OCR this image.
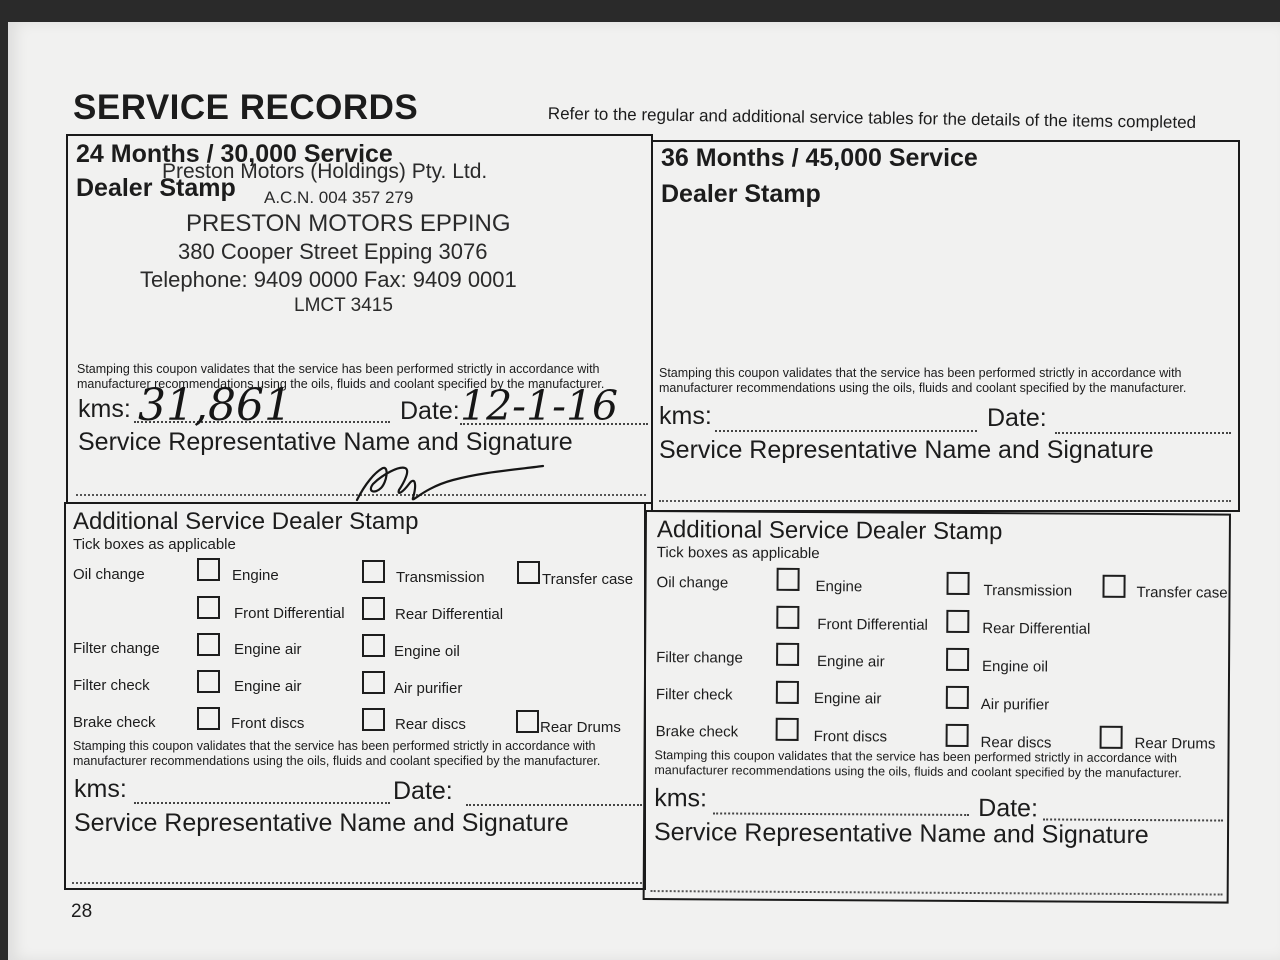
SERVICE RECORDS	Refer to the regular and additional service tables for the details of the items completed

24 Months / 30,000 Service
Dealer Stamp
Preston Motors (Holdings) Pty. Ltd.
A.C.N. 004 357 279
PRESTON MOTORS EPPING
380 Cooper Street Epping 3076
Telephone: 9409 0000 Fax: 9409 0001
LMCT 3415
Stamping this coupon validates that the service has been performed strictly in accordance with manufacturer recommendations using the oils, fluids and coolant specified by the manufacturer.
kms: 31,861	Date: 12-1-16
Service Representative Name and Signature
36 Months / 45,000 Service
Dealer Stamp
Stamping this coupon validates that the service has been performed strictly in accordance with manufacturer recommendations using the oils, fluids and coolant specified by the manufacturer.
kms:	Date:
Service Representative Name and Signature
Additional Service Dealer Stamp
Tick boxes as applicable
Oil change	Engine	Transmission	Transfer case
Front Differential	Rear Differential
Filter change	Engine air	Engine oil
Filter check	Engine air	Air purifier
Brake check	Front discs	Rear discs	Rear Drums
Stamping this coupon validates that the service has been performed strictly in accordance with manufacturer recommendations using the oils, fluids and coolant specified by the manufacturer.
kms:	Date:
Service Representative Name and Signature
Additional Service Dealer Stamp
Tick boxes as applicable
Oil change	Engine	Transmission	Transfer case
Front Differential	Rear Differential
Filter change	Engine air	Engine oil
Filter check	Engine air	Air purifier
Brake check	Front discs	Rear discs	Rear Drums
Stamping this coupon validates that the service has been performed strictly in accordance with manufacturer recommendations using the oils, fluids and coolant specified by the manufacturer.
kms:	Date:
Service Representative Name and Signature
28
